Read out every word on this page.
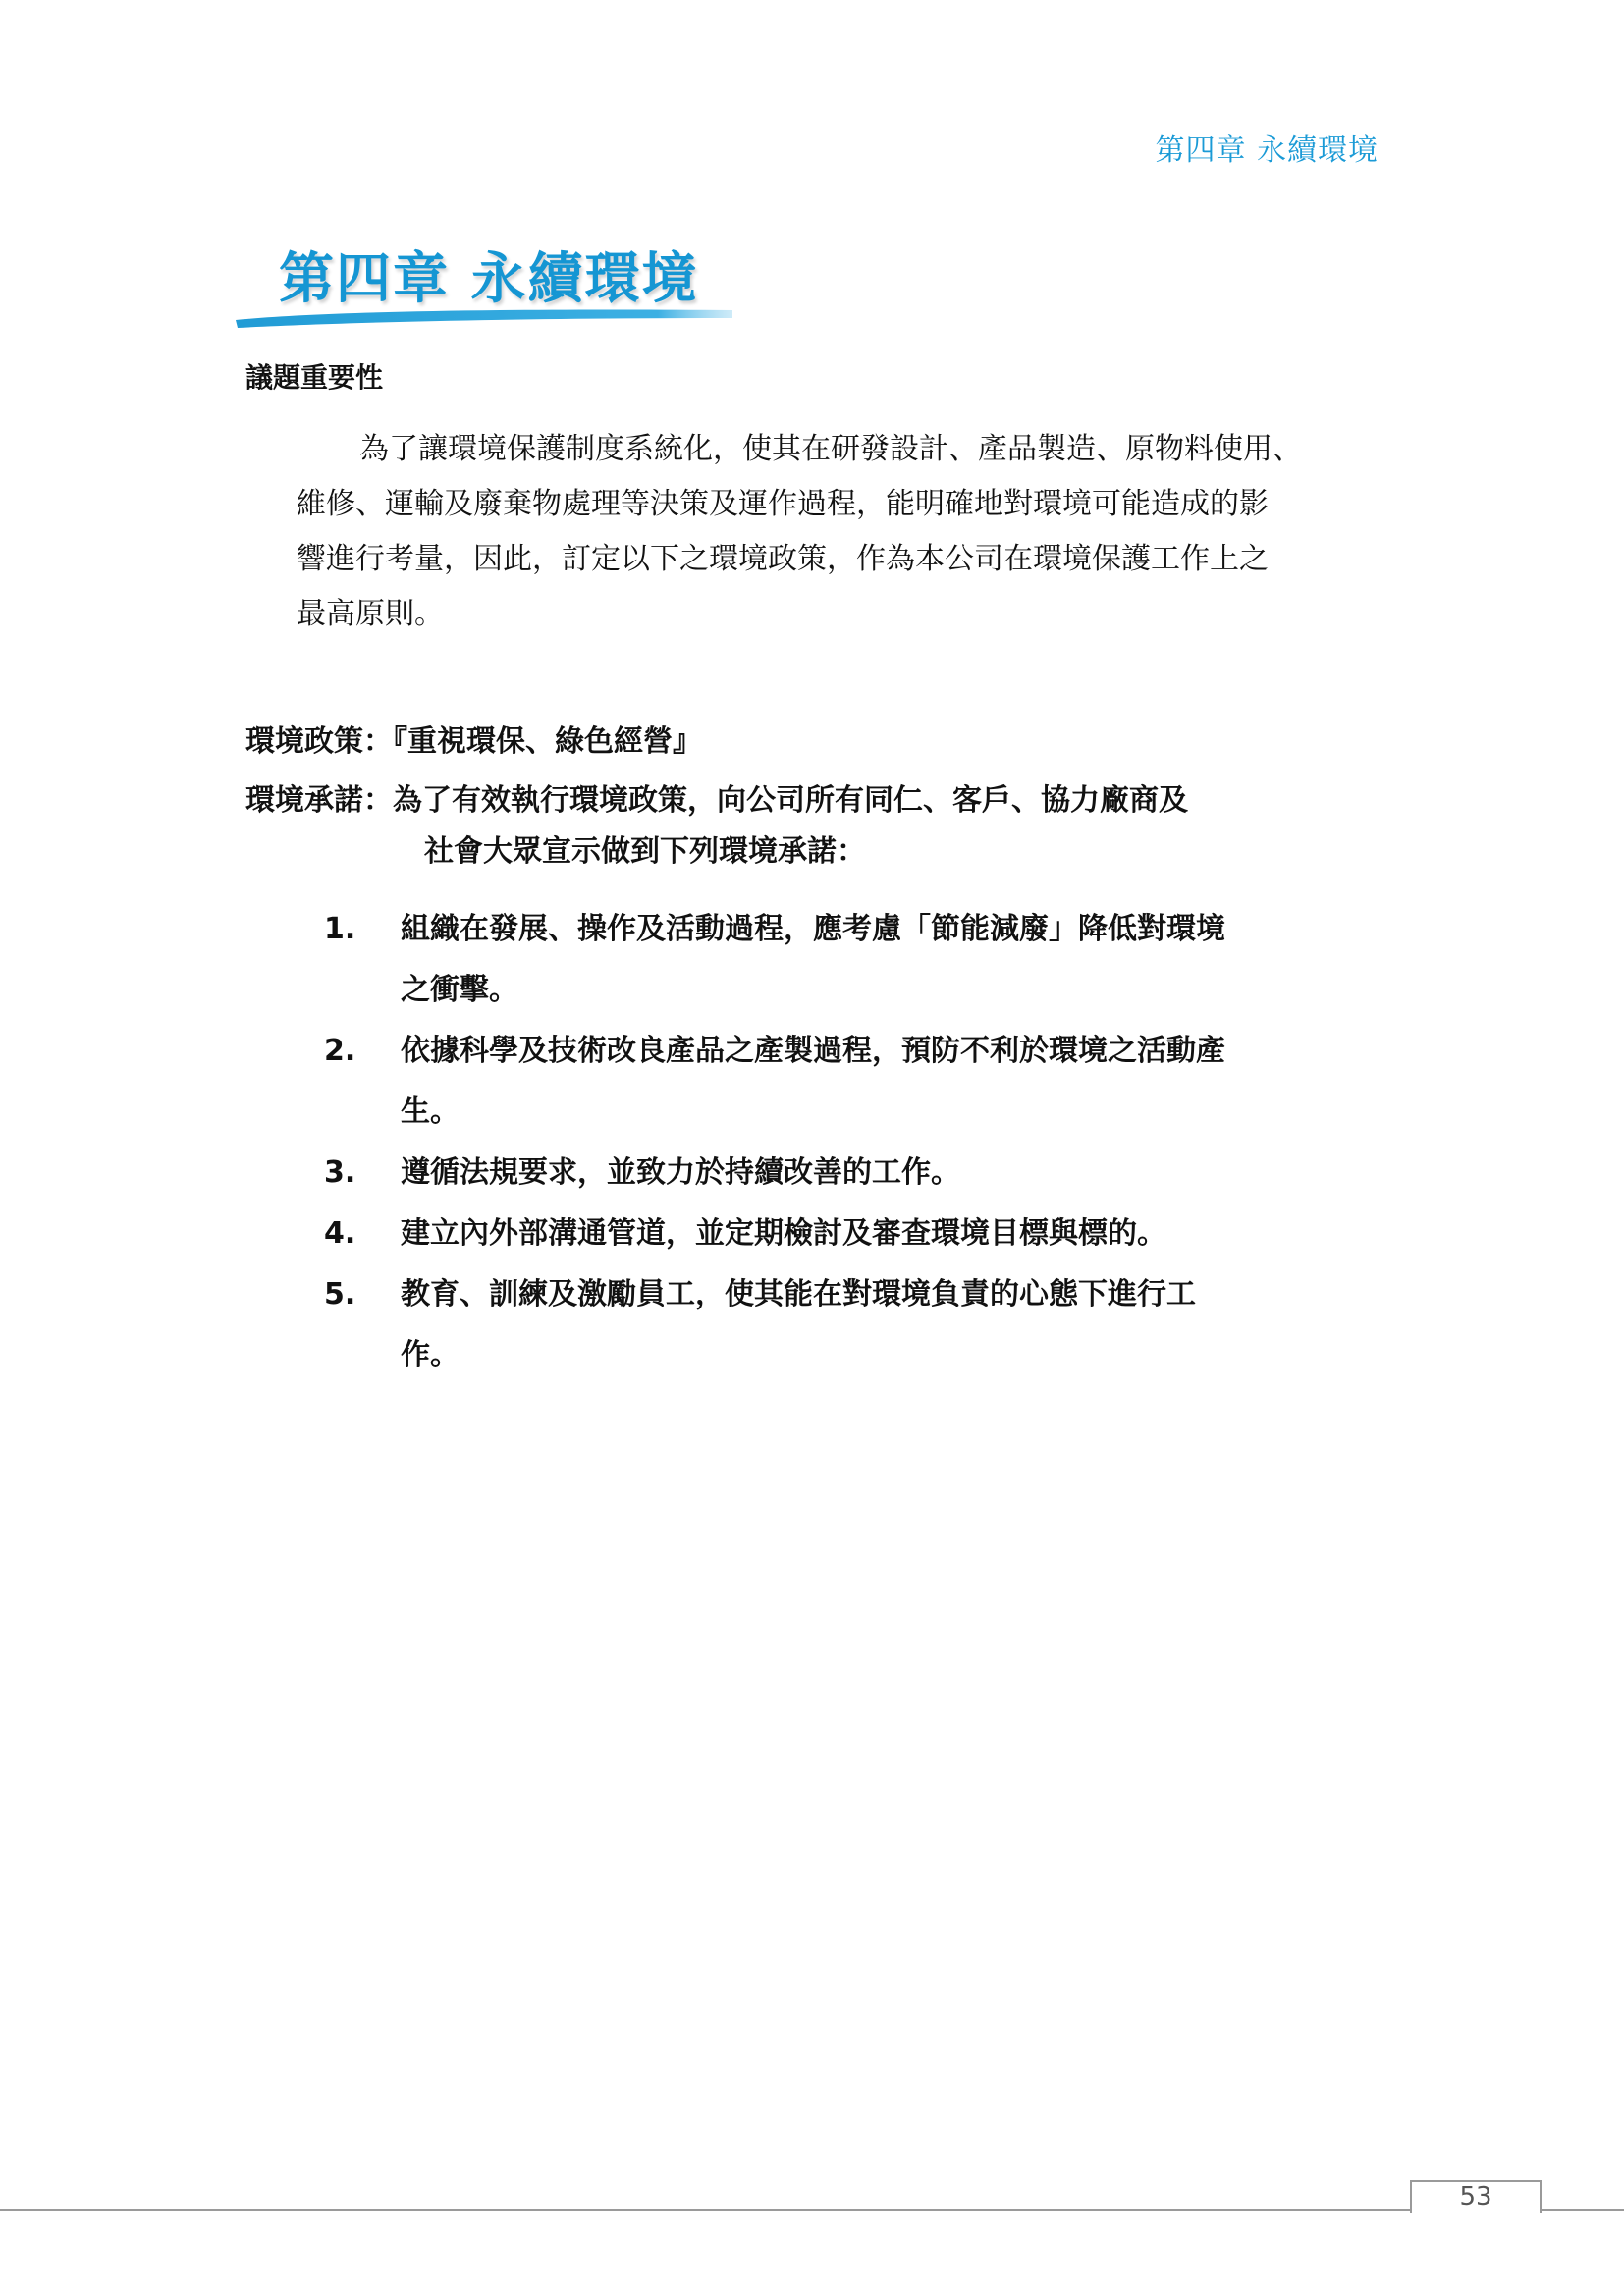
第四章 永續環境
第四章 永續環境
議題重要性
為了讓環境保護制度系統化，使其在研發設計、產品製造、原物料使用、
維修、運輸及廢棄物處理等決策及運作過程，能明確地對環境可能造成的影
響進行考量，因此，訂定以下之環境政策，作為本公司在環境保護工作上之
最高原則。
環境政策：『重視環保、綠色經營』
環境承諾：為了有效執行環境政策，向公司所有同仁、客戶、協力廠商及
社會大眾宣示做到下列環境承諾：
1. 組織在發展、操作及活動過程，應考慮「節能減廢」降低對環境
之衝擊。
2. 依據科學及技術改良產品之產製過程，預防不利於環境之活動產
生。
3. 遵循法規要求，並致力於持續改善的工作。
4. 建立內外部溝通管道，並定期檢討及審查環境目標與標的。
5. 教育、訓練及激勵員工，使其能在對環境負責的心態下進行工
作。
53
